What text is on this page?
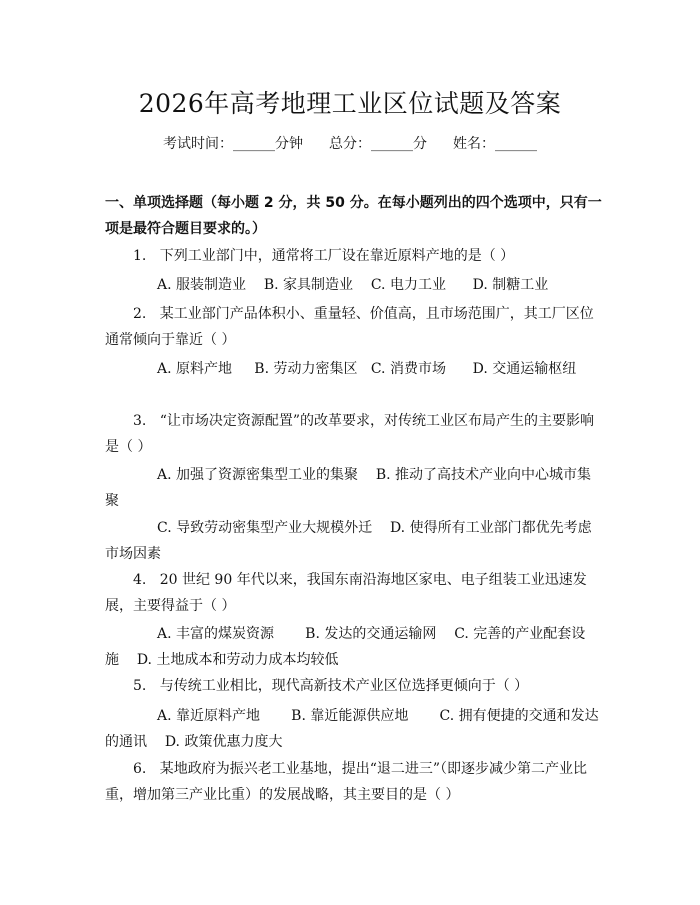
2026年高考地理工业区位试题及答案
考试时间：______分钟 总分：______分 姓名：______
一、单项选择题（每小题 2 分，共 50 分。在每小题列出的四个选项中，只有一项是最符合题目要求的。）
1. 下列工业部门中，通常将工厂设在靠近原料产地的是（ ）
A. 服装制造业 B. 家具制造业 C. 电力工业 D. 制糖工业
2. 某工业部门产品体积小、重量轻、价值高，且市场范围广，其工厂区位通常倾向于靠近（ ）
A. 原料产地 B. 劳动力密集区 C. 消费市场 D. 交通运输枢纽
3. “让市场决定资源配置”的改革要求，对传统工业区布局产生的主要影响是（ ）
A. 加强了资源密集型工业的集聚 B. 推动了高技术产业向中心城市集聚
C. 导致劳动密集型产业大规模外迁 D. 使得所有工业部门都优先考虑市场因素
4. 20 世纪 90 年代以来，我国东南沿海地区家电、电子组装工业迅速发展，主要得益于（ ）
A. 丰富的煤炭资源 B. 发达的交通运输网 C. 完善的产业配套设施 D. 土地成本和劳动力成本均较低
5. 与传统工业相比，现代高新技术产业区位选择更倾向于（ ）
A. 靠近原料产地 B. 靠近能源供应地 C. 拥有便捷的交通和发达的通讯 D. 政策优惠力度大
6. 某地政府为振兴老工业基地，提出“退二进三”（即逐步减少第二产业比重，增加第三产业比重）的发展战略，其主要目的是（ ）
